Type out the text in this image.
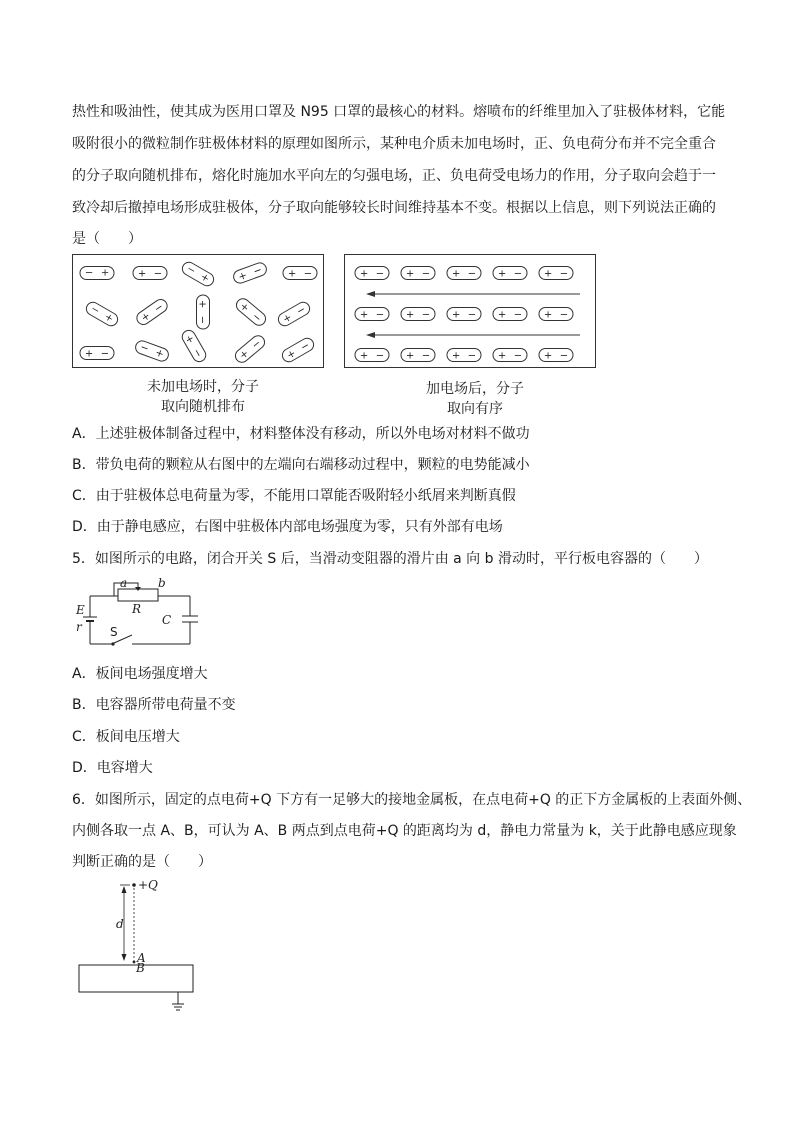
热性和吸油性，使其成为医用口罩及 N95 口罩的最核心的材料。熔喷布的纤维里加入了驻极体材料，它能
吸附很小的微粒制作驻极体材料的原理如图所示，某种电介质未加电场时，正、负电荷分布并不完全重合
的分子取向随机排布，熔化时施加水平向左的匀强电场，正、负电荷受电场力的作用，分子取向会趋于一
致冷却后撤掉电场形成驻极体，分子取向能够较长时间维持基本不变。根据以上信息，则下列说法正确的
是（　　）
+
−	+ −	+
−
+ − + −
+
−
+
−	+
−
+
− +
−
+ −	+
−
+
−	+
−
+
−
+ − + − + − + − + −
+ − + − + − + − + −
+ − + − + − + − + −
未加电场时，分子
取向随机排布
加电场后，分子
取向有序
A．上述驻极体制备过程中，材料整体没有移动，所以外电场对材料不做功
B．带负电荷的颗粒从右图中的左端向右端移动过程中，颗粒的电势能减小
C．由于驻极体总电荷量为零，不能用口罩能否吸附轻小纸屑来判断真假
D．由于静电感应，右图中驻极体内部电场强度为零，只有外部有电场
5．如图所示的电路，闭合开关 S 后，当滑动变阻器的滑片由 a 向 b 滑动时，平行板电容器的（　　）
a	b
R
E
r S
C
A．板间电场强度增大
B．电容器所带电荷量不变
C．板间电压增大
D．电容增大
6．如图所示，固定的点电荷+Q 下方有一足够大的接地金属板，在点电荷+Q 的正下方金属板的上表面外侧、
内侧各取一点 A、B，可认为 A、B 两点到点电荷+Q 的距离均为 d，静电力常量为 k，关于此静电感应现象
判断正确的是（　　）
+Q
d
A
B
